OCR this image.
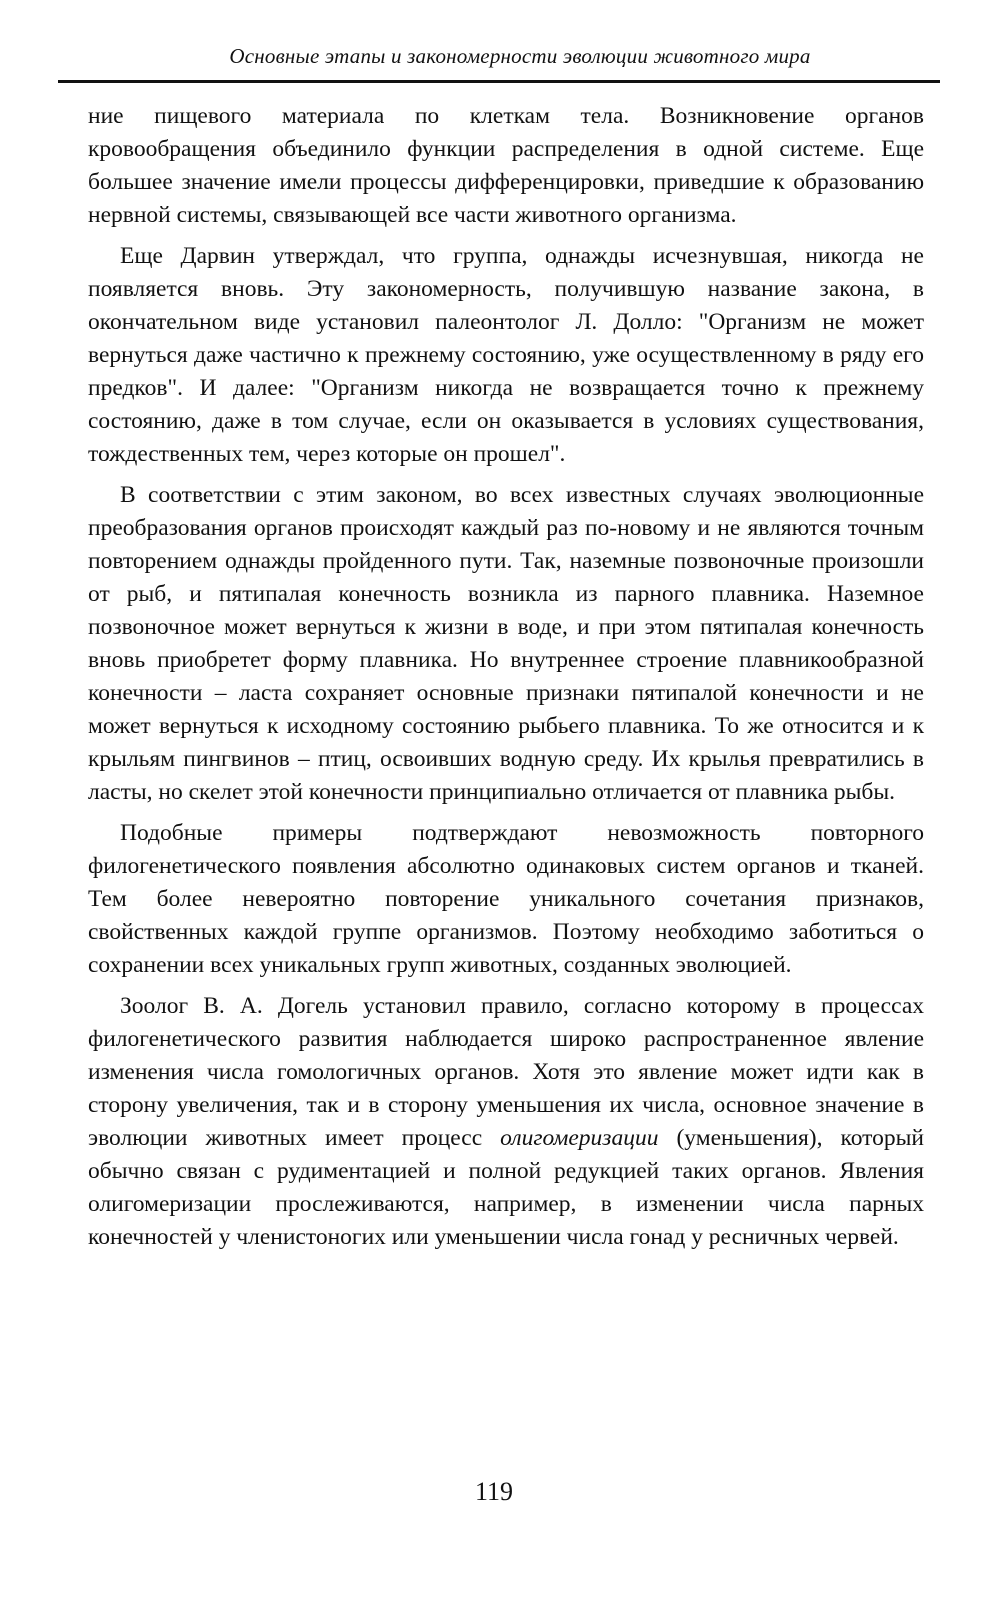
Основные этапы и закономерности эволюции животного мира

ние пищевого материала по клеткам тела. Возникновение органов кровообращения объединило функции распределения в одной системе. Еще большее значение имели процессы дифференцировки, приведшие к образованию нервной системы, связывающей все части животного организма.

Еще Дарвин утверждал, что группа, однажды исчезнувшая, никогда не появляется вновь. Эту закономерность, получившую название закона, в окончательном виде установил палеонтолог Л. Долло: "Организм не может вернуться даже частично к прежнему состоянию, уже осуществленному в ряду его предков". И далее: "Организм никогда не возвращается точно к прежнему состоянию, даже в том случае, если он оказывается в условиях существования, тождественных тем, через которые он прошел".

В соответствии с этим законом, во всех известных случаях эволюционные преобразования органов происходят каждый раз по-новому и не являются точным повторением однажды пройденного пути. Так, наземные позвоночные произошли от рыб, и пятипалая конечность возникла из парного плавника. Наземное позвоночное может вернуться к жизни в воде, и при этом пятипалая конечность вновь приобретет форму плавника. Но внутреннее строение плавникообразной конечности – ласта сохраняет основные признаки пятипалой конечности и не может вернуться к исходному состоянию рыбьего плавника. То же относится и к крыльям пингвинов – птиц, освоивших водную среду. Их крылья превратились в ласты, но скелет этой конечности принципиально отличается от плавника рыбы.

Подобные примеры подтверждают невозможность повторного филогенетического появления абсолютно одинаковых систем органов и тканей. Тем более невероятно повторение уникального сочетания признаков, свойственных каждой группе организмов. Поэтому необходимо заботиться о сохранении всех уникальных групп животных, созданных эволюцией.

Зоолог В. А. Догель установил правило, согласно которому в процессах филогенетического развития наблюдается широко распространенное явление изменения числа гомологичных органов. Хотя это явление может идти как в сторону увеличения, так и в сторону уменьшения их числа, основное значение в эволюции животных имеет процесс олигомеризации (уменьшения), который обычно связан с рудиментацией и полной редукцией таких органов. Явления олигомеризации прослеживаются, например, в изменении числа парных конечностей у членистоногих или уменьшении числа гонад у ресничных червей.

119
